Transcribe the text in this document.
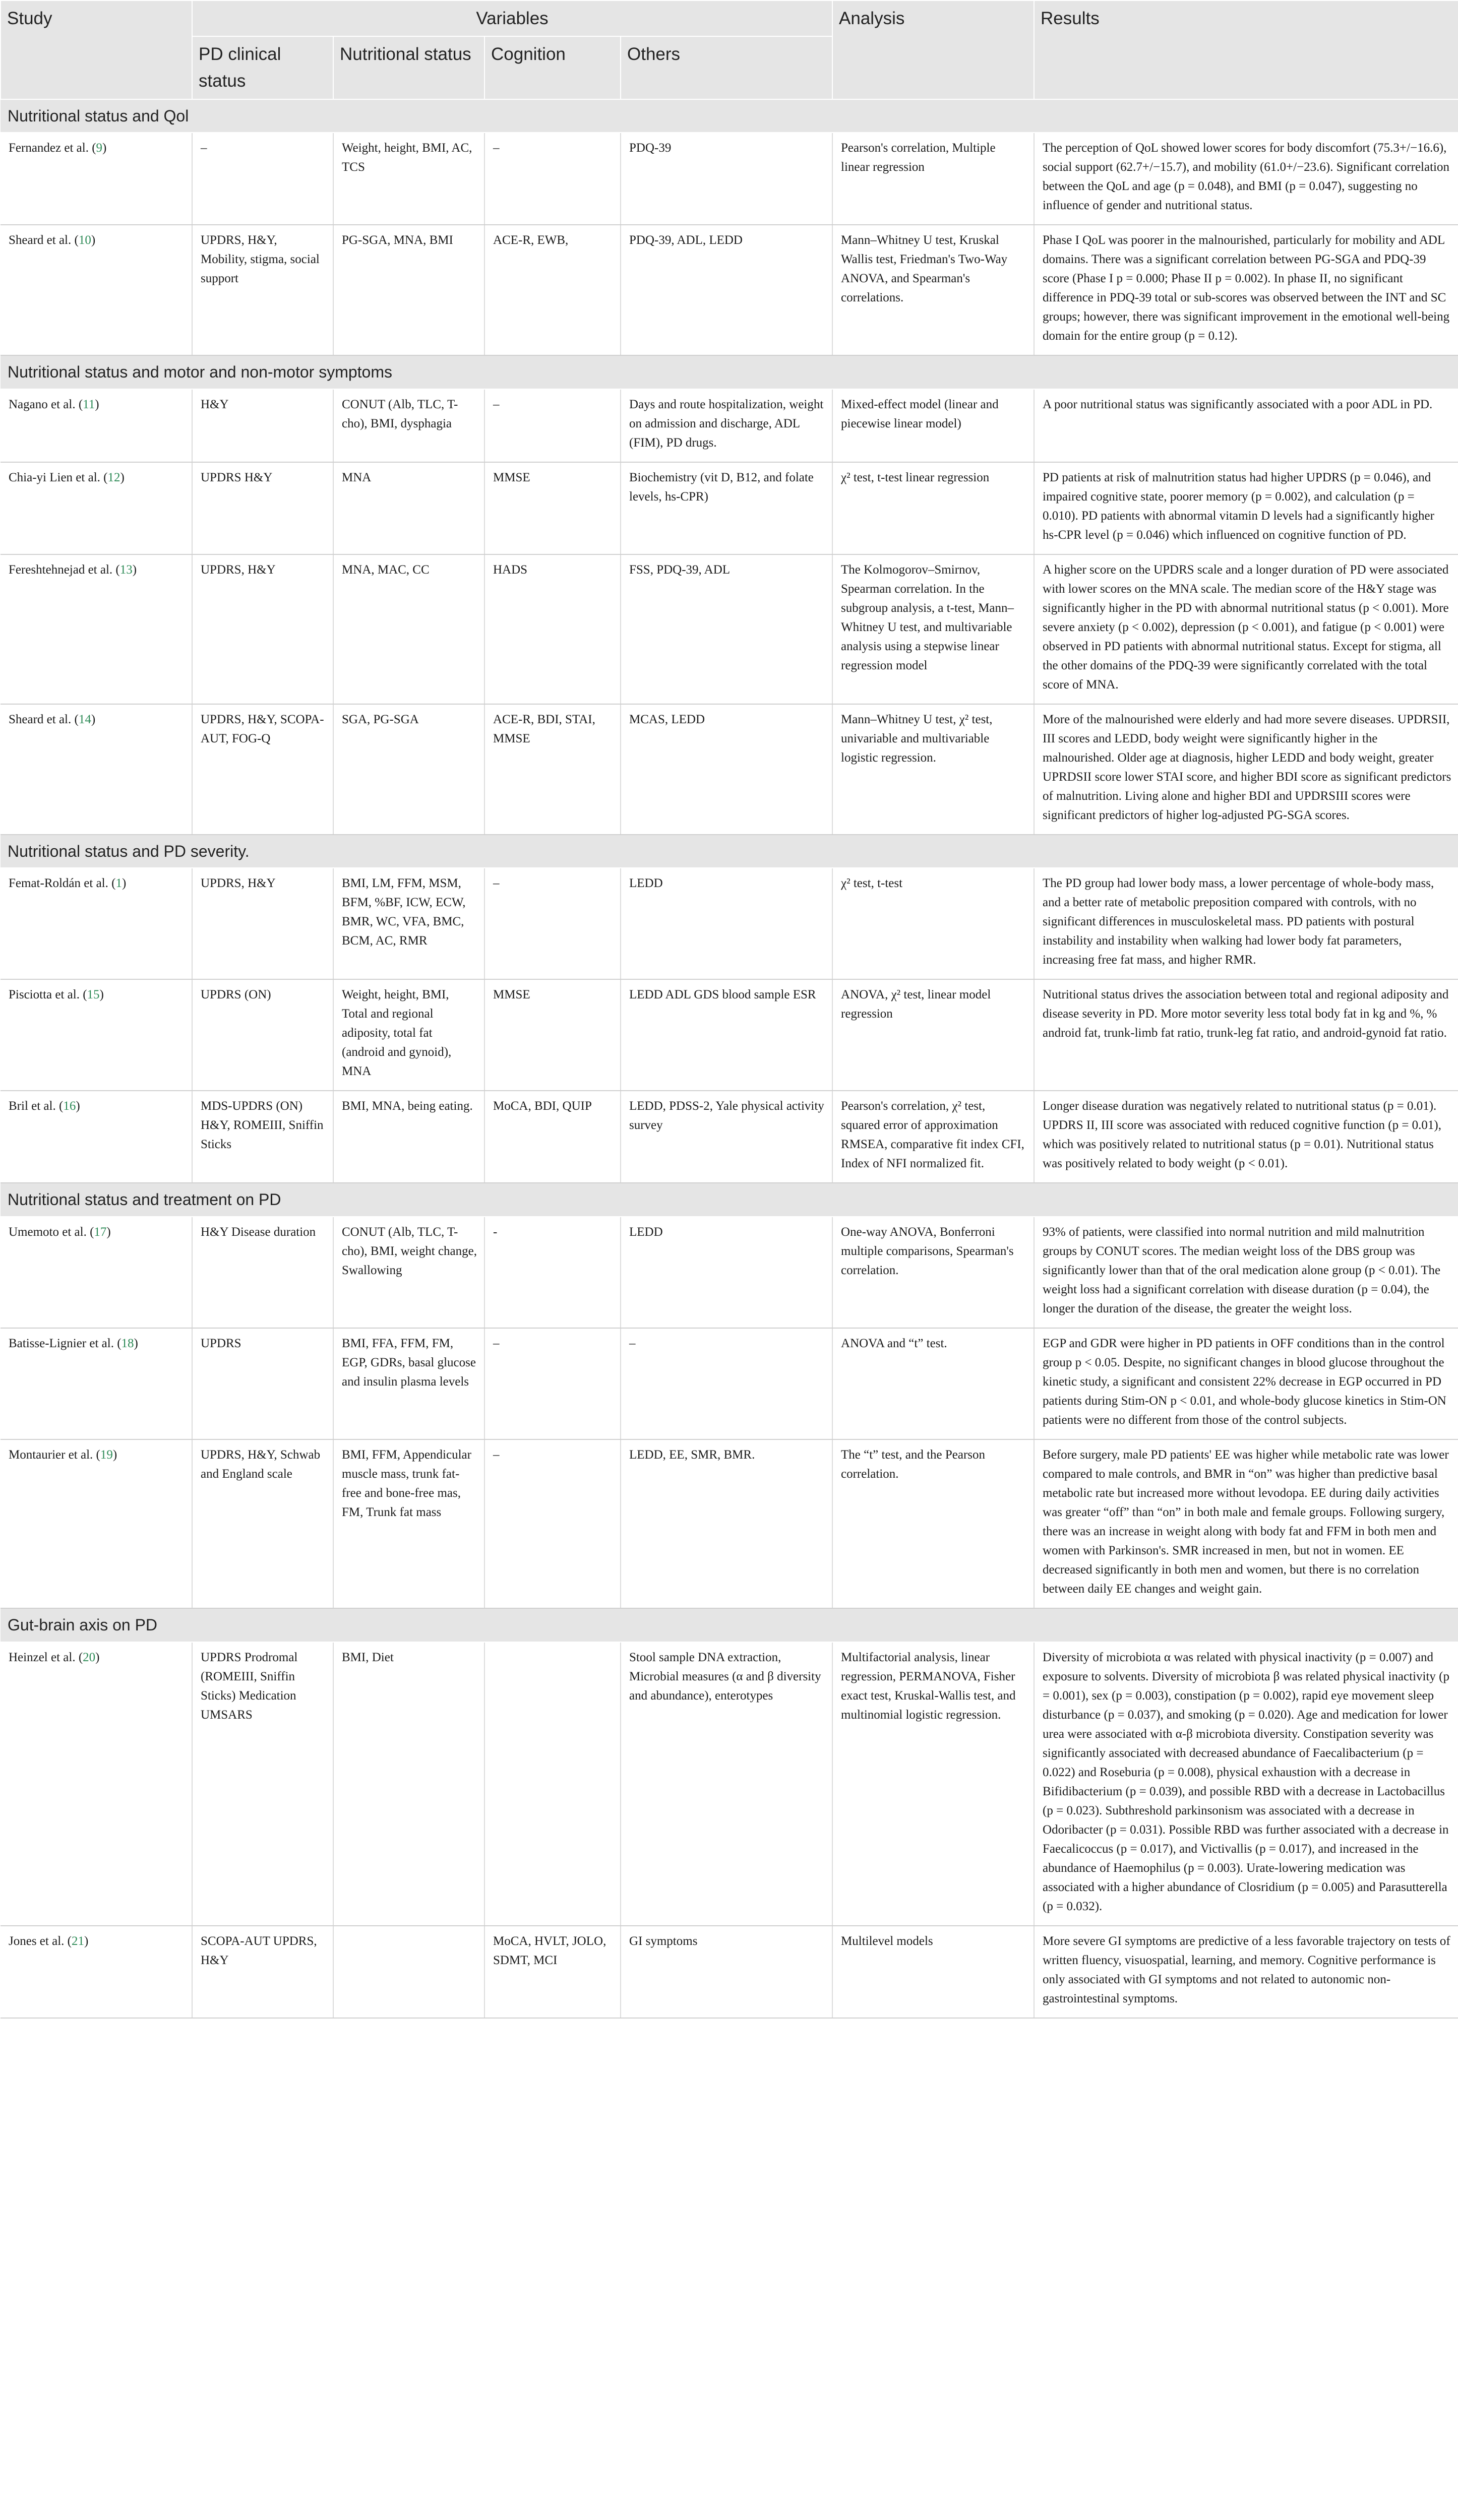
Study	Variables				Analysis	Results
	PD clinical status	Nutritional status	Cognition	Others		
Nutritional status and Qol						
Fernandez et al. (9)	–	Weight, height, BMI, AC, TCS	–	PDQ-39	Pearson's correlation, Multiple linear regression	The perception of QoL showed lower scores for body discomfort (75.3+/−16.6), social support (62.7+/−15.7), and mobility (61.0+/−23.6). Significant correlation between the QoL and age (p = 0.048), and BMI (p = 0.047), suggesting no influence of gender and nutritional status.
Sheard et al. (10)	UPDRS, H&Y, Mobility, stigma, social support	PG-SGA, MNA, BMI	ACE-R, EWB,	PDQ-39, ADL, LEDD	Mann–Whitney U test, Kruskal Wallis test, Friedman's Two-Way ANOVA, and Spearman's correlations.	Phase I QoL was poorer in the malnourished, particularly for mobility and ADL domains. There was a significant correlation between PG-SGA and PDQ-39 score (Phase I p = 0.000; Phase II p = 0.002). In phase II, no significant difference in PDQ-39 total or sub-scores was observed between the INT and SC groups; however, there was significant improvement in the emotional well-being domain for the entire group (p = 0.12).
Nutritional status and motor and non-motor symptoms						
Nagano et al. (11)	H&Y	CONUT (Alb, TLC, T-cho), BMI, dysphagia	–	Days and route hospitalization, weight on admission and discharge, ADL (FIM), PD drugs.	Mixed-effect model (linear and piecewise linear model)	A poor nutritional status was significantly associated with a poor ADL in PD.
Chia-yi Lien et al. (12)	UPDRS H&Y	MNA	MMSE	Biochemistry (vit D, B12, and folate levels, hs-CPR)	χ² test, t-test linear regression	PD patients at risk of malnutrition status had higher UPDRS (p = 0.046), and impaired cognitive state, poorer memory (p = 0.002), and calculation (p = 0.010). PD patients with abnormal vitamin D levels had a significantly higher hs-CPR level (p = 0.046) which influenced on cognitive function of PD.
Fereshtehnejad et al. (13)	UPDRS, H&Y	MNA, MAC, CC	HADS	FSS, PDQ-39, ADL	The Kolmogorov–Smirnov, Spearman correlation. In the subgroup analysis, a t-test, Mann–Whitney U test, and multivariable analysis using a stepwise linear regression model	A higher score on the UPDRS scale and a longer duration of PD were associated with lower scores on the MNA scale. The median score of the H&Y stage was significantly higher in the PD with abnormal nutritional status (p < 0.001). More severe anxiety (p < 0.002), depression (p < 0.001), and fatigue (p < 0.001) were observed in PD patients with abnormal nutritional status. Except for stigma, all the other domains of the PDQ-39 were significantly correlated with the total score of MNA.
Sheard et al. (14)	UPDRS, H&Y, SCOPA-AUT, FOG-Q	SGA, PG-SGA	ACE-R, BDI, STAI, MMSE	MCAS, LEDD	Mann–Whitney U test, χ² test, univariable and multivariable logistic regression.	More of the malnourished were elderly and had more severe diseases. UPDRSII, III scores and LEDD, body weight were significantly higher in the malnourished. Older age at diagnosis, higher LEDD and body weight, greater UPRDSII score lower STAI score, and higher BDI score as significant predictors of malnutrition. Living alone and higher BDI and UPDRSIII scores were significant predictors of higher log-adjusted PG-SGA scores.
Nutritional status and PD severity.						
Femat-Roldán et al. (1)	UPDRS, H&Y	BMI, LM, FFM, MSM, BFM, %BF, ICW, ECW, BMR, WC, VFA, BMC, BCM, AC, RMR	–	LEDD	χ² test, t-test	The PD group had lower body mass, a lower percentage of whole-body mass, and a better rate of metabolic preposition compared with controls, with no significant differences in musculoskeletal mass. PD patients with postural instability and instability when walking had lower body fat parameters, increasing free fat mass, and higher RMR.
Pisciotta et al. (15)	UPDRS (ON)	Weight, height, BMI, Total and regional adiposity, total fat (android and gynoid), MNA	MMSE	LEDD ADL GDS blood sample ESR	ANOVA, χ² test, linear model regression	Nutritional status drives the association between total and regional adiposity and disease severity in PD. More motor severity less total body fat in kg and %, % android fat, trunk-limb fat ratio, trunk-leg fat ratio, and android-gynoid fat ratio.
Bril et al. (16)	MDS-UPDRS (ON) H&Y, ROMEIII, Sniffin Sticks	BMI, MNA, being eating.	MoCA, BDI, QUIP	LEDD, PDSS-2, Yale physical activity survey	Pearson's correlation, χ² test, squared error of approximation RMSEA, comparative fit index CFI, Index of NFI normalized fit.	Longer disease duration was negatively related to nutritional status (p = 0.01). UPDRS II, III score was associated with reduced cognitive function (p = 0.01), which was positively related to nutritional status (p = 0.01). Nutritional status was positively related to body weight (p < 0.01).
Nutritional status and treatment on PD						
Umemoto et al. (17)	H&Y Disease duration	CONUT (Alb, TLC, T-cho), BMI, weight change, Swallowing	-	LEDD	One-way ANOVA, Bonferroni multiple comparisons, Spearman's correlation.	93% of patients, were classified into normal nutrition and mild malnutrition groups by CONUT scores. The median weight loss of the DBS group was significantly lower than that of the oral medication alone group (p < 0.01). The weight loss had a significant correlation with disease duration (p = 0.04), the longer the duration of the disease, the greater the weight loss.
Batisse-Lignier et al. (18)	UPDRS	BMI, FFA, FFM, FM, EGP, GDRs, basal glucose and insulin plasma levels	–	–	ANOVA and “t” test.	EGP and GDR were higher in PD patients in OFF conditions than in the control group p < 0.05. Despite, no significant changes in blood glucose throughout the kinetic study, a significant and consistent 22% decrease in EGP occurred in PD patients during Stim-ON p < 0.01, and whole-body glucose kinetics in Stim-ON patients were no different from those of the control subjects.
Montaurier et al. (19)	UPDRS, H&Y, Schwab and England scale	BMI, FFM, Appendicular muscle mass, trunk fat-free and bone-free mas, FM, Trunk fat mass	–	LEDD, EE, SMR, BMR.	The “t” test, and the Pearson correlation.	Before surgery, male PD patients' EE was higher while metabolic rate was lower compared to male controls, and BMR in “on” was higher than predictive basal metabolic rate but increased more without levodopa. EE during daily activities was greater “off” than “on” in both male and female groups. Following surgery, there was an increase in weight along with body fat and FFM in both men and women with Parkinson's. SMR increased in men, but not in women. EE decreased significantly in both men and women, but there is no correlation between daily EE changes and weight gain.
Gut-brain axis on PD						
Heinzel et al. (20)	UPDRS Prodromal (ROMEIII, Sniffin Sticks) Medication UMSARS	BMI, Diet		Stool sample DNA extraction, Microbial measures (α and β diversity and abundance), enterotypes	Multifactorial analysis, linear regression, PERMANOVA, Fisher exact test, Kruskal-Wallis test, and multinomial logistic regression.	Diversity of microbiota α was related with physical inactivity (p = 0.007) and exposure to solvents. Diversity of microbiota β was related physical inactivity (p = 0.001), sex (p = 0.003), constipation (p = 0.002), rapid eye movement sleep disturbance (p = 0.037), and smoking (p = 0.020). Age and medication for lower urea were associated with α-β microbiota diversity. Constipation severity was significantly associated with decreased abundance of Faecalibacterium (p = 0.022) and Roseburia (p = 0.008), physical exhaustion with a decrease in Bifidibacterium (p = 0.039), and possible RBD with a decrease in Lactobacillus (p = 0.023). Subthreshold parkinsonism was associated with a decrease in Odoribacter (p = 0.031). Possible RBD was further associated with a decrease in Faecalicoccus (p = 0.017), and Victivallis (p = 0.017), and increased in the abundance of Haemophilus (p = 0.003). Urate-lowering medication was associated with a higher abundance of Closridium (p = 0.005) and Parasutterella (p = 0.032).
Jones et al. (21)	SCOPA-AUT UPDRS, H&Y		MoCA, HVLT, JOLO, SDMT, MCI	GI symptoms	Multilevel models	More severe GI symptoms are predictive of a less favorable trajectory on tests of written fluency, visuospatial, learning, and memory. Cognitive performance is only associated with GI symptoms and not related to autonomic non-gastrointestinal symptoms.
